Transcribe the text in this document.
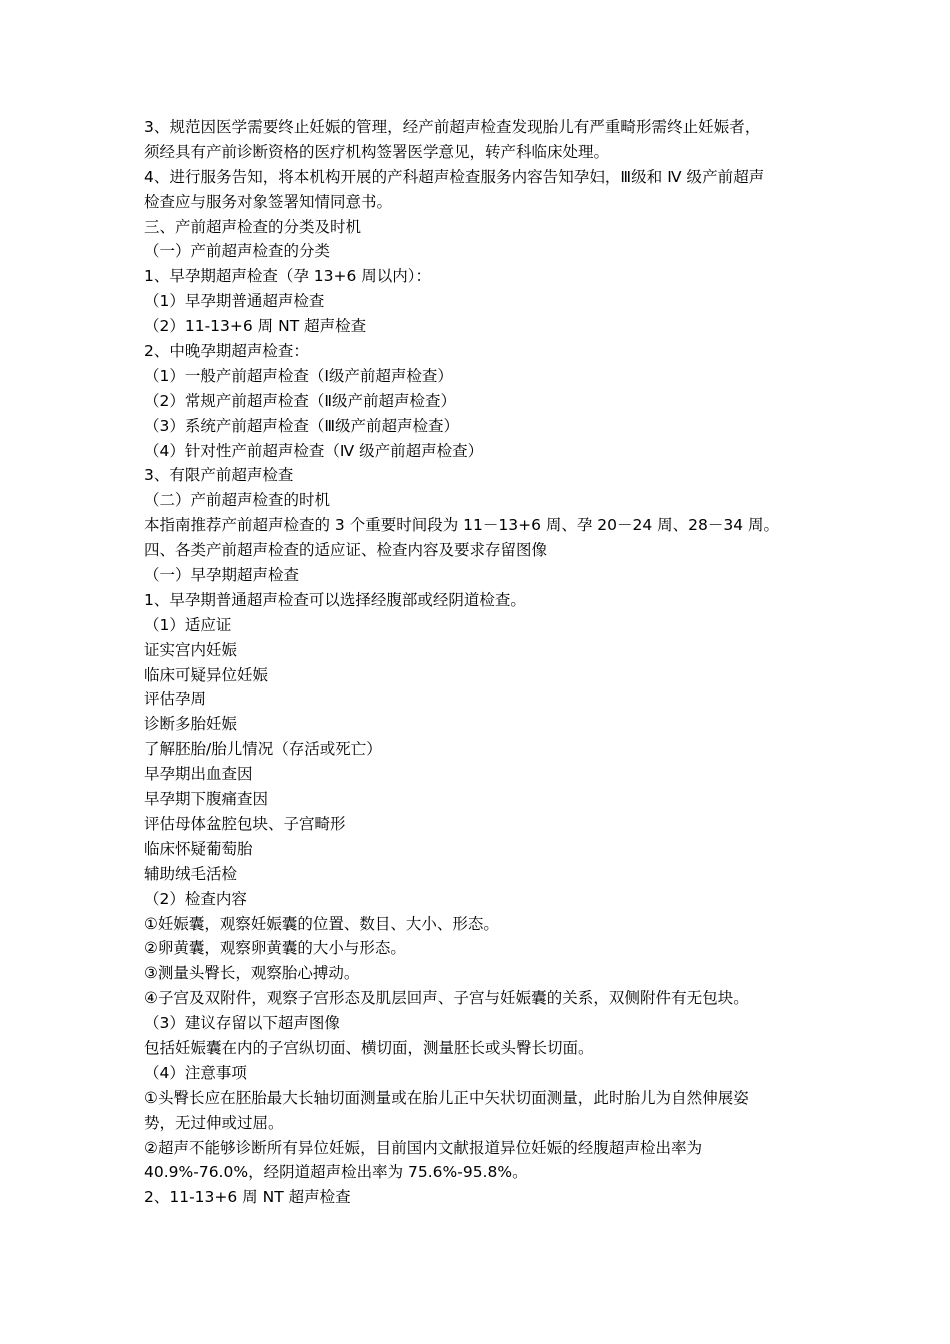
3、规范因医学需要终止妊娠的管理，经产前超声检查发现胎儿有严重畸形需终止妊娠者，
须经具有产前诊断资格的医疗机构签署医学意见，转产科临床处理。
4、进行服务告知，将本机构开展的产科超声检查服务内容告知孕妇，Ⅲ级和 Ⅳ 级产前超声
检查应与服务对象签署知情同意书。
三、产前超声检查的分类及时机
（一）产前超声检查的分类
1、早孕期超声检查（孕 13+6 周以内）：
（1）早孕期普通超声检查
（2）11-13+6 周 NT 超声检查
2、中晚孕期超声检查：
（1）一般产前超声检查（Ⅰ级产前超声检查）
（2）常规产前超声检查（Ⅱ级产前超声检查）
（3）系统产前超声检查（Ⅲ级产前超声检查）
（4）针对性产前超声检查（Ⅳ 级产前超声检查）
3、有限产前超声检查
（二）产前超声检查的时机
本指南推荐产前超声检查的 3 个重要时间段为 11－13+6 周、孕 20－24 周、28－34 周。
四、各类产前超声检查的适应证、检查内容及要求存留图像
（一）早孕期超声检查
1、早孕期普通超声检查可以选择经腹部或经阴道检查。
（1）适应证
证实宫内妊娠
临床可疑异位妊娠
评估孕周
诊断多胎妊娠
了解胚胎/胎儿情况（存活或死亡）
早孕期出血查因
早孕期下腹痛查因
评估母体盆腔包块、子宫畸形
临床怀疑葡萄胎
辅助绒毛活检
（2）检查内容
①妊娠囊，观察妊娠囊的位置、数目、大小、形态。
②卵黄囊，观察卵黄囊的大小与形态。
③测量头臀长，观察胎心搏动。
④子宫及双附件，观察子宫形态及肌层回声、子宫与妊娠囊的关系，双侧附件有无包块。
（3）建议存留以下超声图像
包括妊娠囊在内的子宫纵切面、横切面，测量胚长或头臀长切面。
（4）注意事项
①头臀长应在胚胎最大长轴切面测量或在胎儿正中矢状切面测量，此时胎儿为自然伸展姿
势，无过伸或过屈。
②超声不能够诊断所有异位妊娠，目前国内文献报道异位妊娠的经腹超声检出率为
40.9%-76.0%，经阴道超声检出率为 75.6%-95.8%。
2、11-13+6 周 NT 超声检查
